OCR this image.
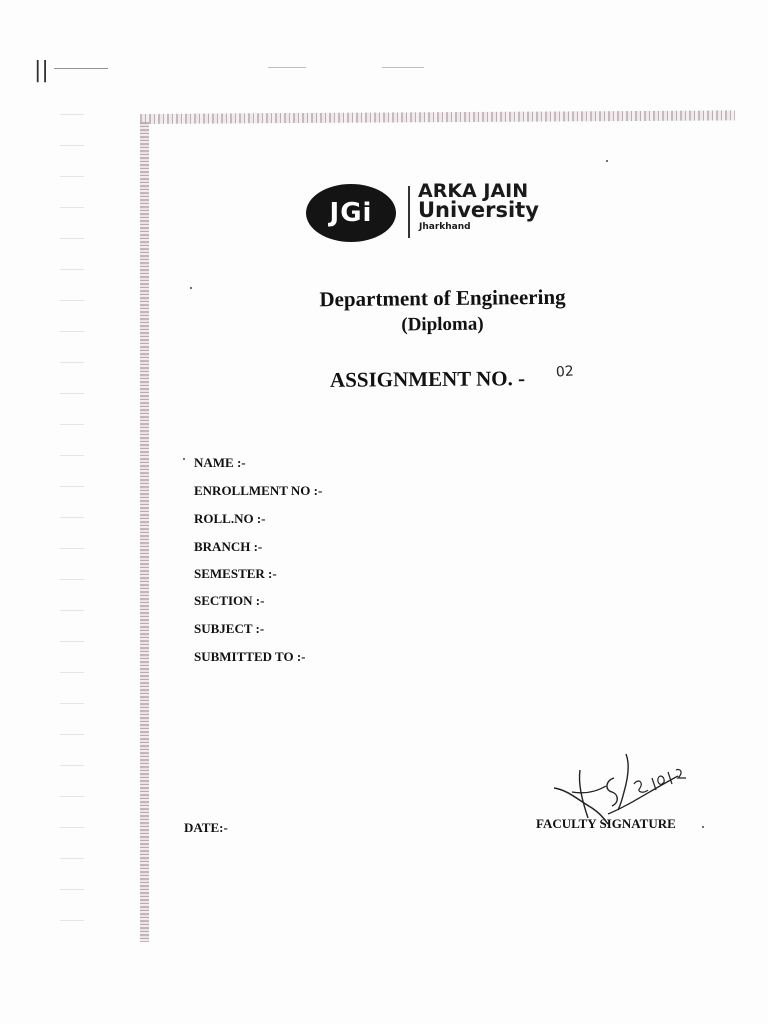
||
JGi
ARKA JAIN
University
Jharkhand
Department of Engineering
(Diploma)
ASSIGNMENT NO. - 02
NAME :-
ENROLLMENT NO :-
ROLL.NO :-
BRANCH :-
SEMESTER :-
SECTION :-
SUBJECT :-
SUBMITTED TO :-
DATE:-	FACULTY SIGNATURE
